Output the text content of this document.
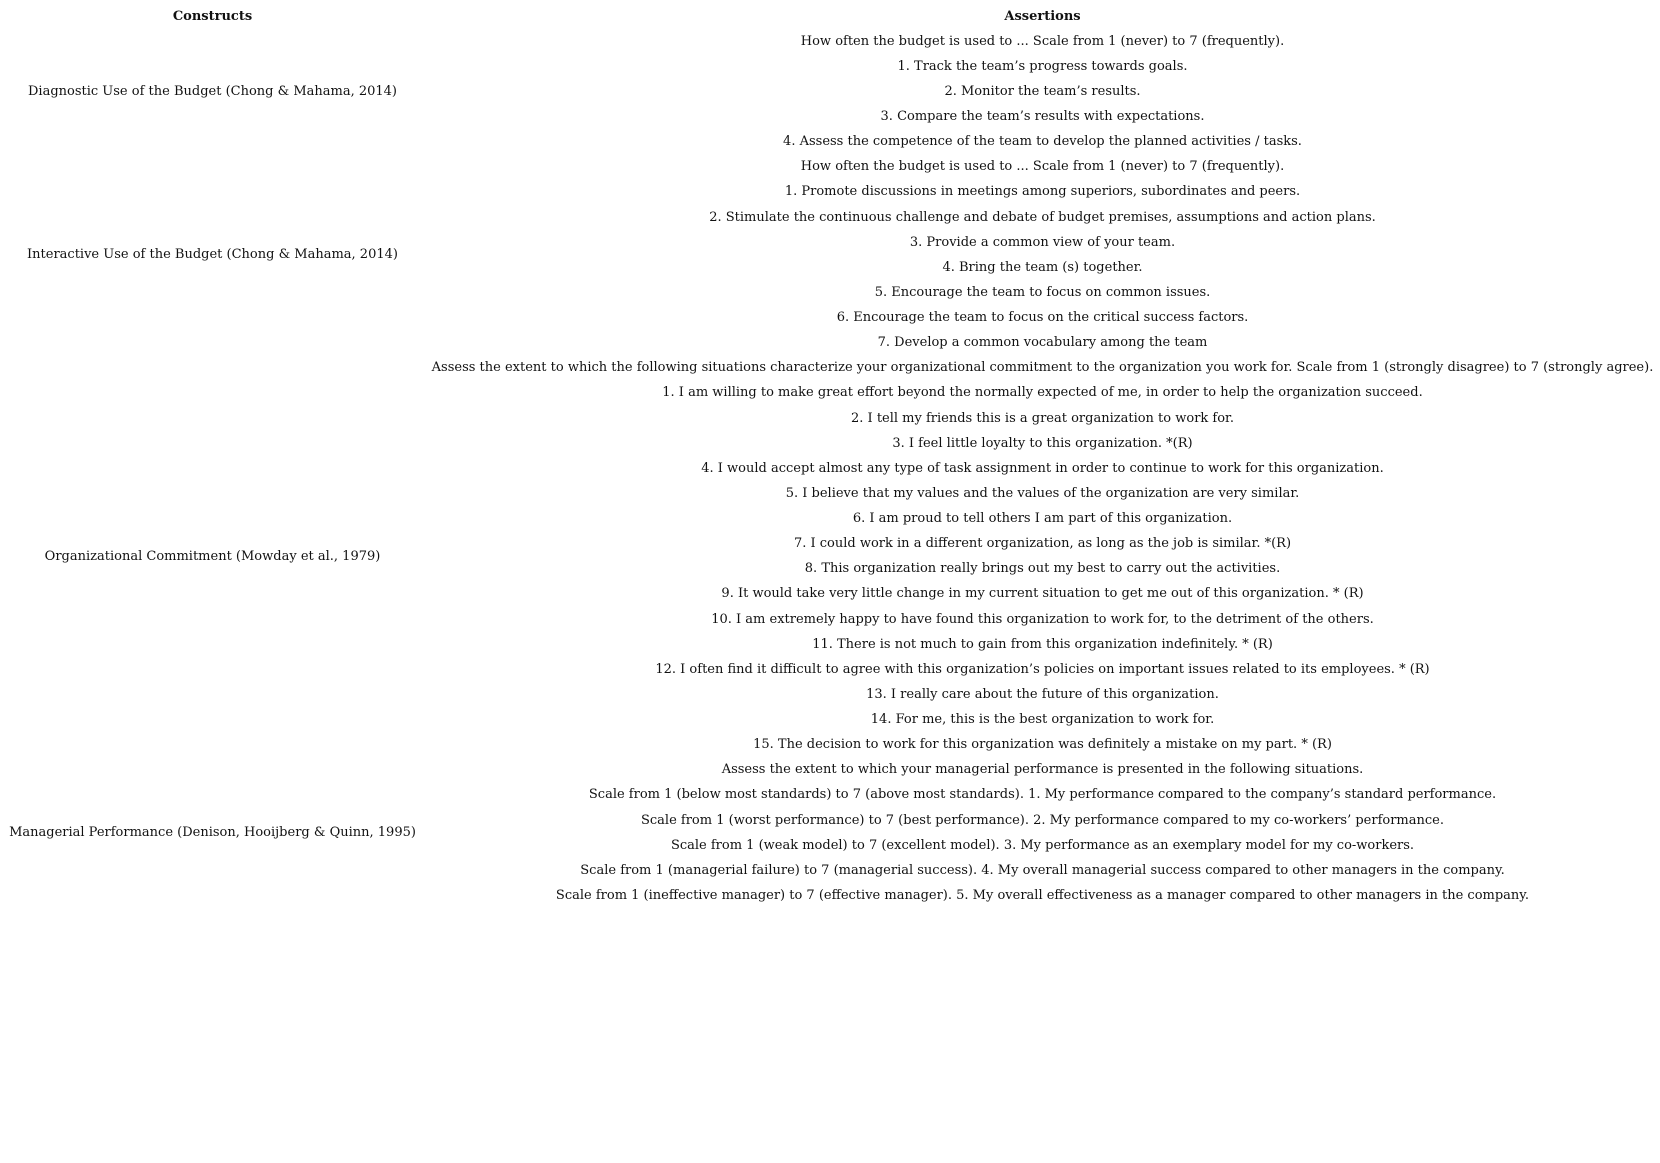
Constructs	Assertions
Diagnostic Use of the Budget (Chong & Mahama, 2014)	How often the budget is used to ... Scale from 1 (never) to 7 (frequently).
	1. Track the team’s progress towards goals.
	2. Monitor the team’s results.
	3. Compare the team’s results with expectations.
	4. Assess the competence of the team to develop the planned activities / tasks.
Interactive Use of the Budget (Chong & Mahama, 2014)	How often the budget is used to ... Scale from 1 (never) to 7 (frequently).
	1. Promote discussions in meetings among superiors, subordinates and peers.
	2. Stimulate the continuous challenge and debate of budget premises, assumptions and action plans.
	3. Provide a common view of your team.
	4. Bring the team (s) together.
	5. Encourage the team to focus on common issues.
	6. Encourage the team to focus on the critical success factors.
	7. Develop a common vocabulary among the team
Organizational Commitment (Mowday et al., 1979)	Assess the extent to which the following situations characterize your organizational commitment to the organization you work for. Scale from 1 (strongly disagree) to 7 (strongly agree).
	1. I am willing to make great effort beyond the normally expected of me, in order to help the organization succeed.
	2. I tell my friends this is a great organization to work for.
	3. I feel little loyalty to this organization. *(R)
	4. I would accept almost any type of task assignment in order to continue to work for this organization.
	5. I believe that my values and the values of the organization are very similar.
	6. I am proud to tell others I am part of this organization.
	7. I could work in a different organization, as long as the job is similar. *(R)
	8. This organization really brings out my best to carry out the activities.
	9. It would take very little change in my current situation to get me out of this organization. * (R)
	10. I am extremely happy to have found this organization to work for, to the detriment of the others.
	11. There is not much to gain from this organization indefinitely. * (R)
	12. I often find it difficult to agree with this organization’s policies on important issues related to its employees. * (R)
	13. I really care about the future of this organization.
	14. For me, this is the best organization to work for.
	15. The decision to work for this organization was definitely a mistake on my part. * (R)
Managerial Performance (Denison, Hooijberg & Quinn, 1995)	Assess the extent to which your managerial performance is presented in the following situations.
	Scale from 1 (below most standards) to 7 (above most standards). 1. My performance compared to the company’s standard performance.
	Scale from 1 (worst performance) to 7 (best performance). 2. My performance compared to my co-workers’ performance.
	Scale from 1 (weak model) to 7 (excellent model). 3. My performance as an exemplary model for my co-workers.
	Scale from 1 (managerial failure) to 7 (managerial success). 4. My overall managerial success compared to other managers in the company.
	Scale from 1 (ineffective manager) to 7 (effective manager). 5. My overall effectiveness as a manager compared to other managers in the company.
